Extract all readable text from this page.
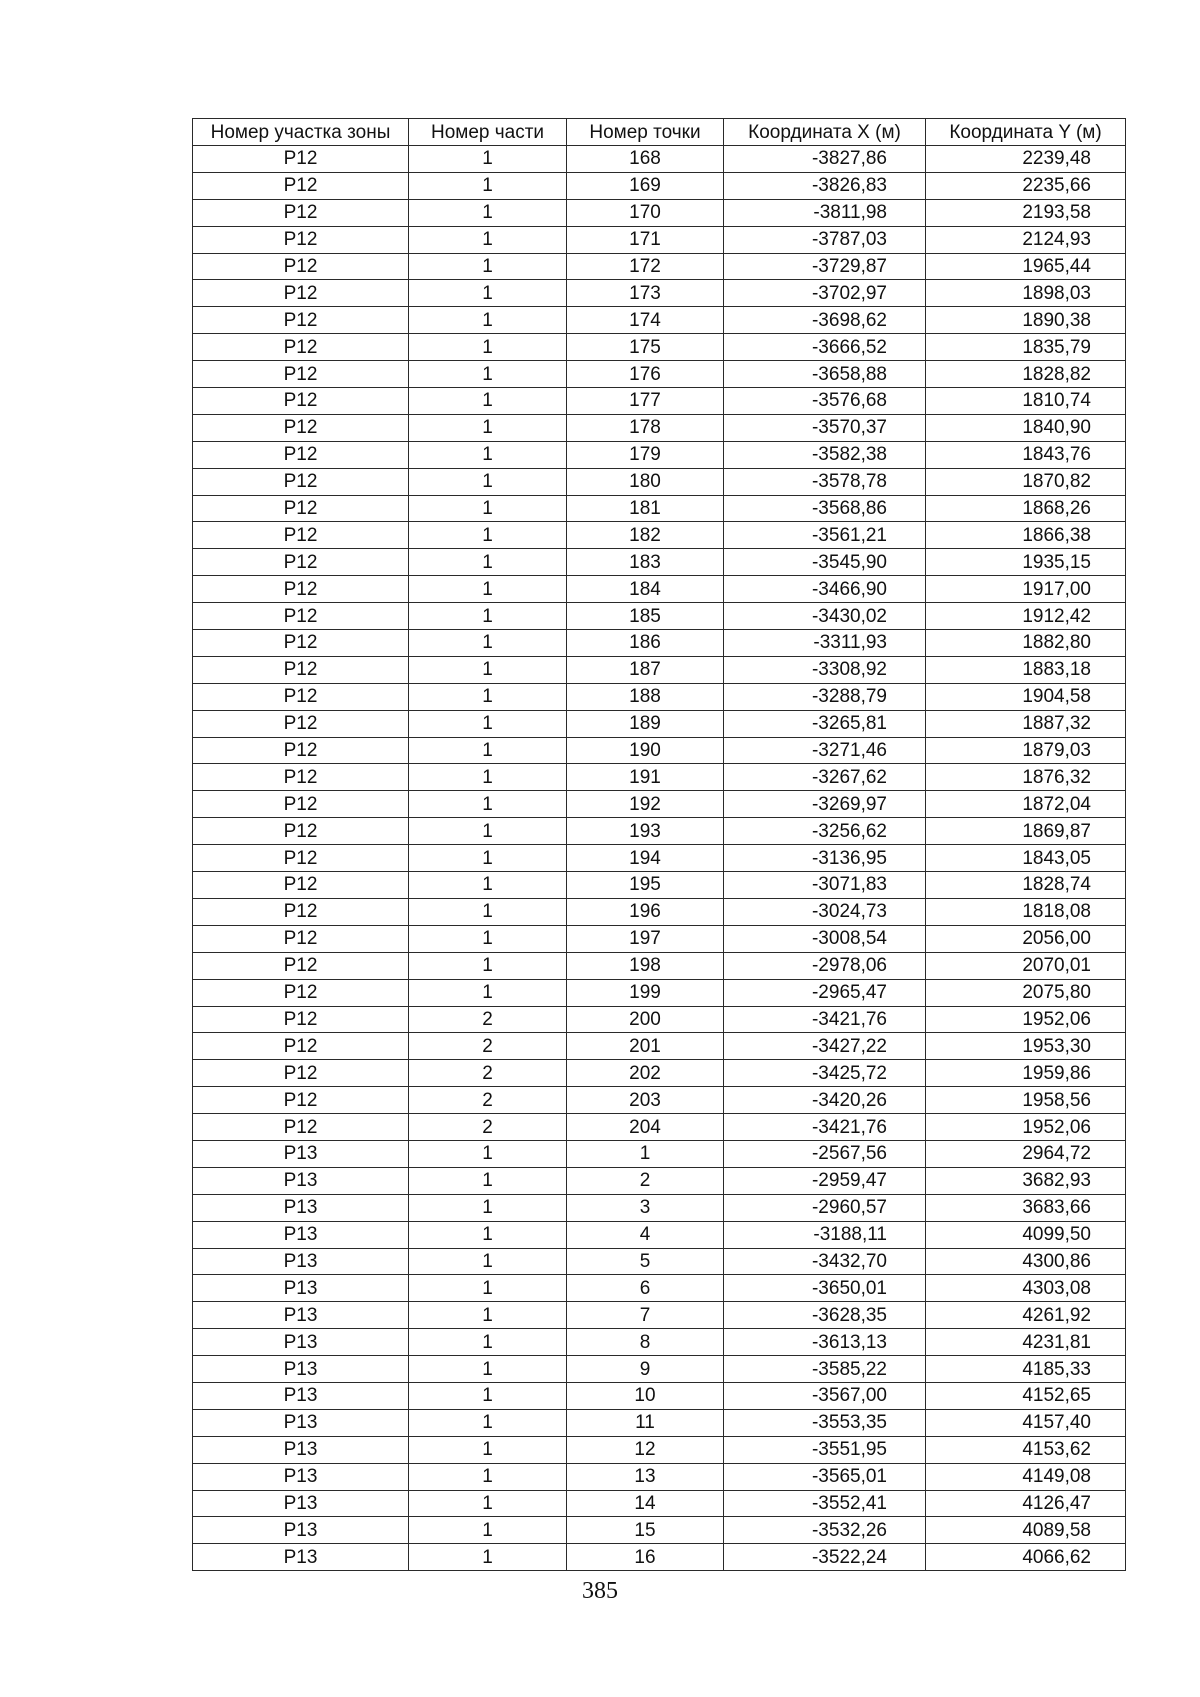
Номер участка зоны	Номер части	Номер точки	Координата X (м)	Координата Y (м)
Р12	1	168	-3827,86	2239,48
Р12	1	169	-3826,83	2235,66
Р12	1	170	-3811,98	2193,58
Р12	1	171	-3787,03	2124,93
Р12	1	172	-3729,87	1965,44
Р12	1	173	-3702,97	1898,03
Р12	1	174	-3698,62	1890,38
Р12	1	175	-3666,52	1835,79
Р12	1	176	-3658,88	1828,82
Р12	1	177	-3576,68	1810,74
Р12	1	178	-3570,37	1840,90
Р12	1	179	-3582,38	1843,76
Р12	1	180	-3578,78	1870,82
Р12	1	181	-3568,86	1868,26
Р12	1	182	-3561,21	1866,38
Р12	1	183	-3545,90	1935,15
Р12	1	184	-3466,90	1917,00
Р12	1	185	-3430,02	1912,42
Р12	1	186	-3311,93	1882,80
Р12	1	187	-3308,92	1883,18
Р12	1	188	-3288,79	1904,58
Р12	1	189	-3265,81	1887,32
Р12	1	190	-3271,46	1879,03
Р12	1	191	-3267,62	1876,32
Р12	1	192	-3269,97	1872,04
Р12	1	193	-3256,62	1869,87
Р12	1	194	-3136,95	1843,05
Р12	1	195	-3071,83	1828,74
Р12	1	196	-3024,73	1818,08
Р12	1	197	-3008,54	2056,00
Р12	1	198	-2978,06	2070,01
Р12	1	199	-2965,47	2075,80
Р12	2	200	-3421,76	1952,06
Р12	2	201	-3427,22	1953,30
Р12	2	202	-3425,72	1959,86
Р12	2	203	-3420,26	1958,56
Р12	2	204	-3421,76	1952,06
Р13	1	1	-2567,56	2964,72
Р13	1	2	-2959,47	3682,93
Р13	1	3	-2960,57	3683,66
Р13	1	4	-3188,11	4099,50
Р13	1	5	-3432,70	4300,86
Р13	1	6	-3650,01	4303,08
Р13	1	7	-3628,35	4261,92
Р13	1	8	-3613,13	4231,81
Р13	1	9	-3585,22	4185,33
Р13	1	10	-3567,00	4152,65
Р13	1	11	-3553,35	4157,40
Р13	1	12	-3551,95	4153,62
Р13	1	13	-3565,01	4149,08
Р13	1	14	-3552,41	4126,47
Р13	1	15	-3532,26	4089,58
Р13	1	16	-3522,24	4066,62
385
